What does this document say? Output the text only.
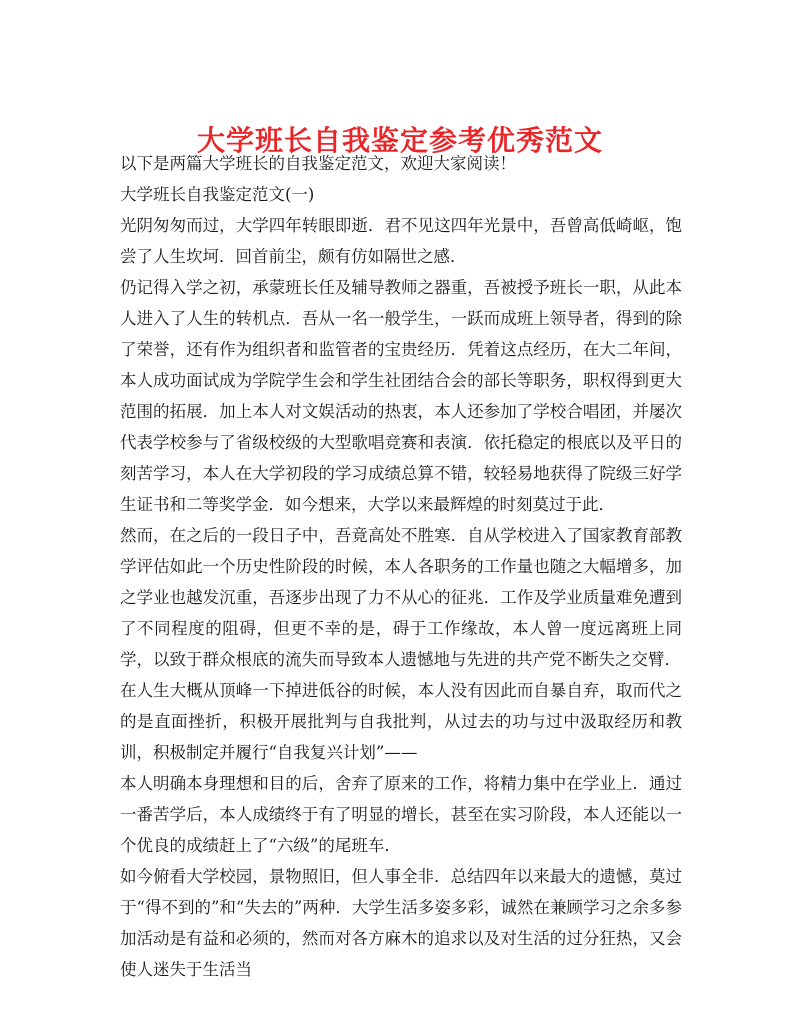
大学班长自我鉴定参考优秀范文

以下是两篇大学班长的自我鉴定范文，欢迎大家阅读！

大学班长自我鉴定范文(一)

光阴匆匆而过，大学四年转眼即逝．君不见这四年光景中，吾曾高低崎岖，饱尝了人生坎坷．回首前尘，颇有仿如隔世之感．

仍记得入学之初，承蒙班长任及辅导教师之器重，吾被授予班长一职，从此本人进入了人生的转机点．吾从一名一般学生，一跃而成班上领导者，得到的除了荣誉，还有作为组织者和监管者的宝贵经历．凭着这点经历，在大二年间，本人成功面试成为学院学生会和学生社团结合会的部长等职务，职权得到更大范围的拓展．加上本人对文娱活动的热衷，本人还参加了学校合唱团，并屡次代表学校参与了省级校级的大型歌唱竞赛和表演．依托稳定的根底以及平日的刻苦学习，本人在大学初段的学习成绩总算不错，较轻易地获得了院级三好学生证书和二等奖学金．如今想来，大学以来最辉煌的时刻莫过于此．

然而，在之后的一段日子中，吾竟高处不胜寒．自从学校进入了国家教育部教学评估如此一个历史性阶段的时候，本人各职务的工作量也随之大幅增多，加之学业也越发沉重，吾逐步出现了力不从心的征兆．工作及学业质量难免遭到了不同程度的阻碍，但更不幸的是，碍于工作缘故，本人曾一度远离班上同学，以致于群众根底的流失而导致本人遗憾地与先进的共产党不断失之交臂．

在人生大概从顶峰一下掉进低谷的时候，本人没有因此而自暴自弃，取而代之的是直面挫折，积极开展批判与自我批判，从过去的功与过中汲取经历和教训，积极制定并履行“自我复兴计划”——

本人明确本身理想和目的后，舍弃了原来的工作，将精力集中在学业上．通过一番苦学后，本人成绩终于有了明显的增长，甚至在实习阶段，本人还能以一个优良的成绩赶上了“六级”的尾班车．

如今俯看大学校园，景物照旧，但人事全非．总结四年以来最大的遗憾，莫过于“得不到的”和“失去的”两种．大学生活多姿多彩，诚然在兼顾学习之余多参加活动是有益和必须的，然而对各方麻木的追求以及对生活的过分狂热，又会使人迷失于生活当
